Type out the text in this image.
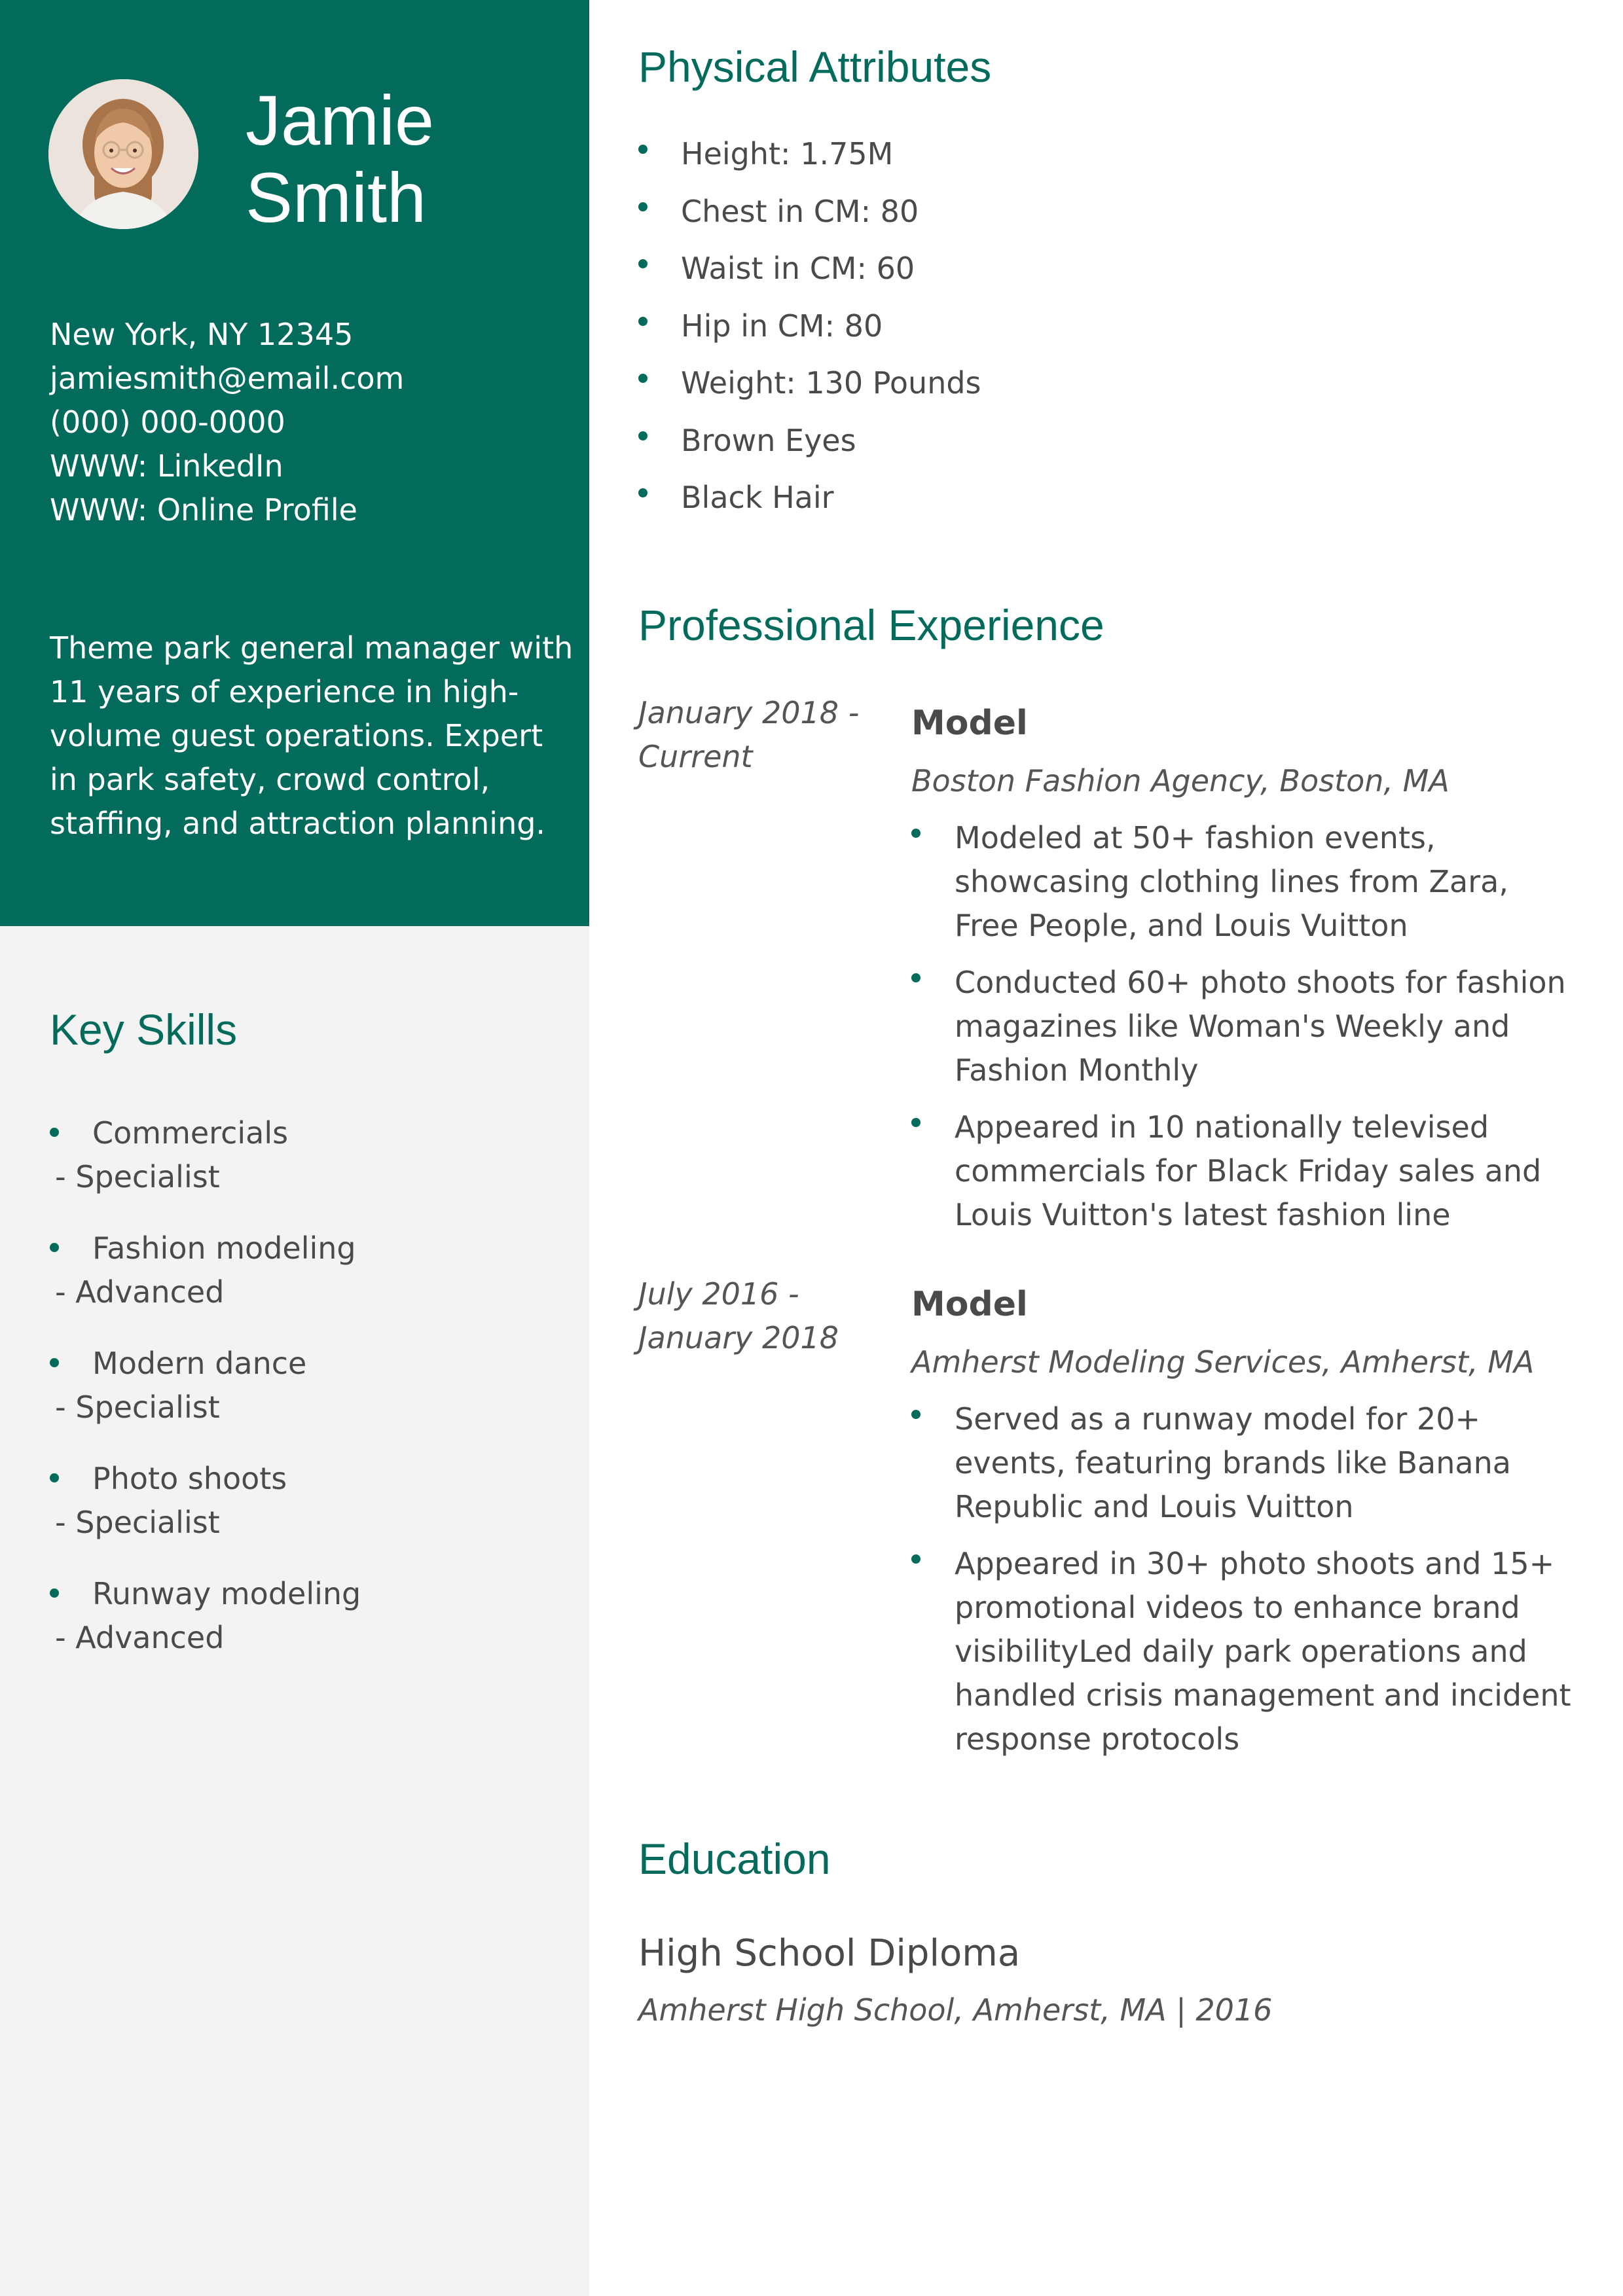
Jamie
Smith
New York, NY 12345
jamiesmith@email.com
(000) 000-0000
WWW: LinkedIn
WWW: Online Profile
Theme park general manager with 11 years of experience in high-volume guest operations. Expert in park safety, crowd control, staffing, and attraction planning.
Key Skills
Commercials
- Specialist
Fashion modeling
- Advanced
Modern dance
- Specialist
Photo shoots
- Specialist
Runway modeling
- Advanced
Physical Attributes
Height: 1.75M
Chest in CM: 80
Waist in CM: 60
Hip in CM: 80
Weight: 130 Pounds
Brown Eyes
Black Hair
Professional Experience
January 2018 -
Current
Model
Boston Fashion Agency, Boston, MA
Modeled at 50+ fashion events, showcasing clothing lines from Zara, Free People, and Louis Vuitton
Conducted 60+ photo shoots for fashion magazines like Woman's Weekly and Fashion Monthly
Appeared in 10 nationally televised commercials for Black Friday sales and Louis Vuitton's latest fashion line
July 2016 -
January 2018
Model
Amherst Modeling Services, Amherst, MA
Served as a runway model for 20+ events, featuring brands like Banana Republic and Louis Vuitton
Appeared in 30+ photo shoots and 15+ promotional videos to enhance brand visibilityLed daily park operations and handled crisis management and incident response protocols
Education
High School Diploma
Amherst High School, Amherst, MA | 2016
